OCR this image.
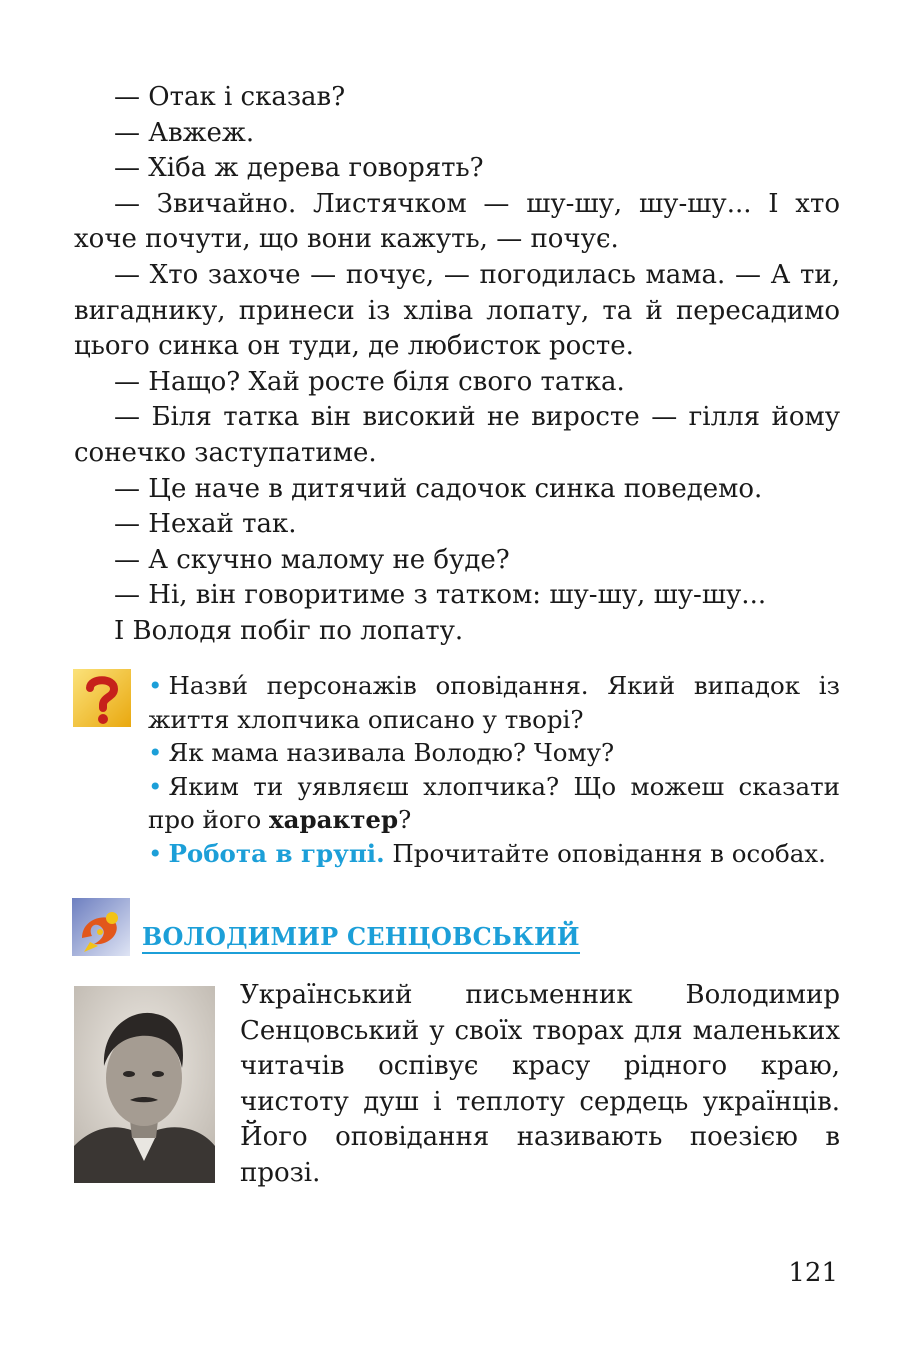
— Отак і сказав?

— Авжеж.

— Хіба ж дерева говорять?

— Звичайно. Листячком — шу-шу, шу-шу... І хто хоче почути, що вони кажуть, — почує.

— Хто захоче — почує, — погодилась мама. — А ти, вигаднику, принеси із хліва лопату, та й пересадимо цього синка он туди, де любисток росте.

— Нащо? Хай росте біля свого татка.

— Біля татка він високий не виросте — гілля йому сонечко заступатиме.

— Це наче в дитячий садочок синка поведемо.

— Нехай так.

— А скучно малому не буде?

— Ні, він говоритиме з татком: шу-шу, шу-шу...

І Володя побіг по лопату.

• Назви́ персонажів оповідання. Який випадок із життя хлопчика описано у творі?

• Як мама називала Володю? Чому?

• Яким ти уявляєш хлопчика? Що можеш сказати про його характер?

• Робота в групі. Прочитайте оповідання в особах.

ВОЛОДИМИР СЕНЦОВСЬКИЙ

Український письменник Володимир Сенцовський у своїх творах для маленьких читачів оспівує красу рідного краю, чистоту душ і теплоту сердець українців. Його оповідання називають поезією в прозі.

121
